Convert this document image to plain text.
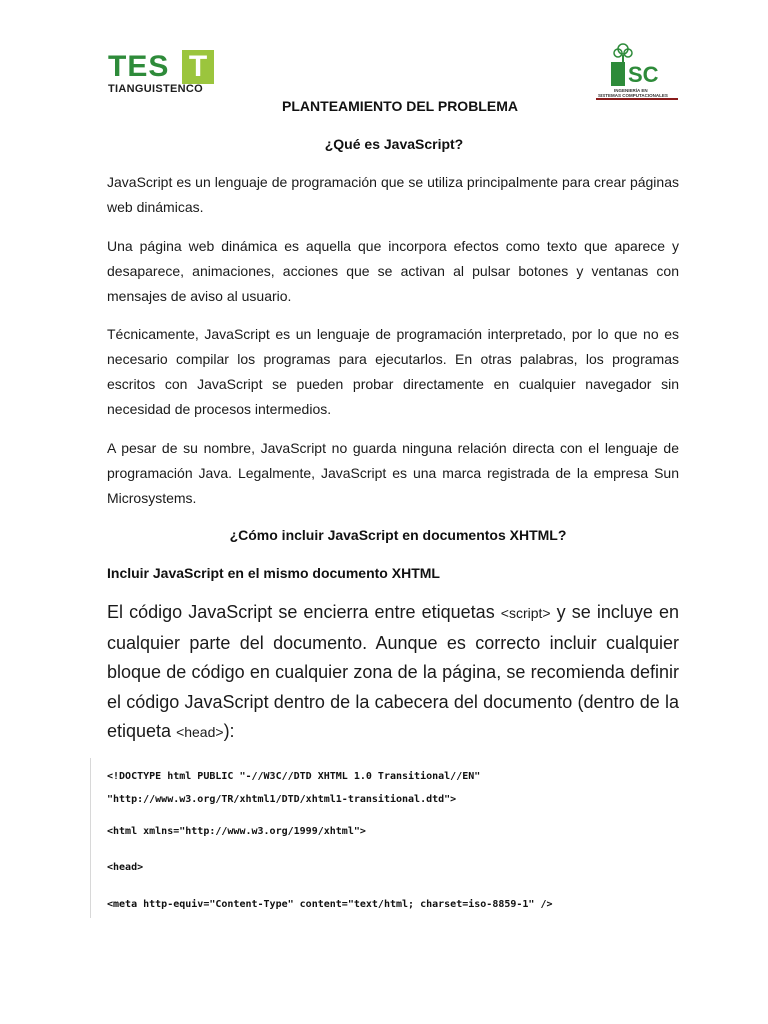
TES T
TIANGUISTENCO
SC
INGENIERÍA EN
SISTEMAS COMPUTACIONALES
PLANTEAMIENTO DEL PROBLEMA
¿Qué es JavaScript?

JavaScript es un lenguaje de programación que se utiliza principalmente para crear páginas web dinámicas.

Una página web dinámica es aquella que incorpora efectos como texto que aparece y desaparece, animaciones, acciones que se activan al pulsar botones y ventanas con mensajes de aviso al usuario.

Técnicamente, JavaScript es un lenguaje de programación interpretado, por lo que no es necesario compilar los programas para ejecutarlos. En otras palabras, los programas escritos con JavaScript se pueden probar directamente en cualquier navegador sin necesidad de procesos intermedios.

A pesar de su nombre, JavaScript no guarda ninguna relación directa con el lenguaje de programación Java. Legalmente, JavaScript es una marca registrada de la empresa Sun Microsystems.

¿Cómo incluir JavaScript en documentos XHTML?
Incluir JavaScript en el mismo documento XHTML

El código JavaScript se encierra entre etiquetas <script> y se incluye en cualquier parte del documento. Aunque es correcto incluir cualquier bloque de código en cualquier zona de la página, se recomienda definir el código JavaScript dentro de la cabecera del documento (dentro de la etiqueta <head>):

<!DOCTYPE html PUBLIC "-//W3C//DTD XHTML 1.0 Transitional//EN" "http://www.w3.org/TR/xhtml1/DTD/xhtml1-transitional.dtd">
<html xmlns="http://www.w3.org/1999/xhtml">
<head>
<meta http-equiv="Content-Type" content="text/html; charset=iso-8859-1" />
